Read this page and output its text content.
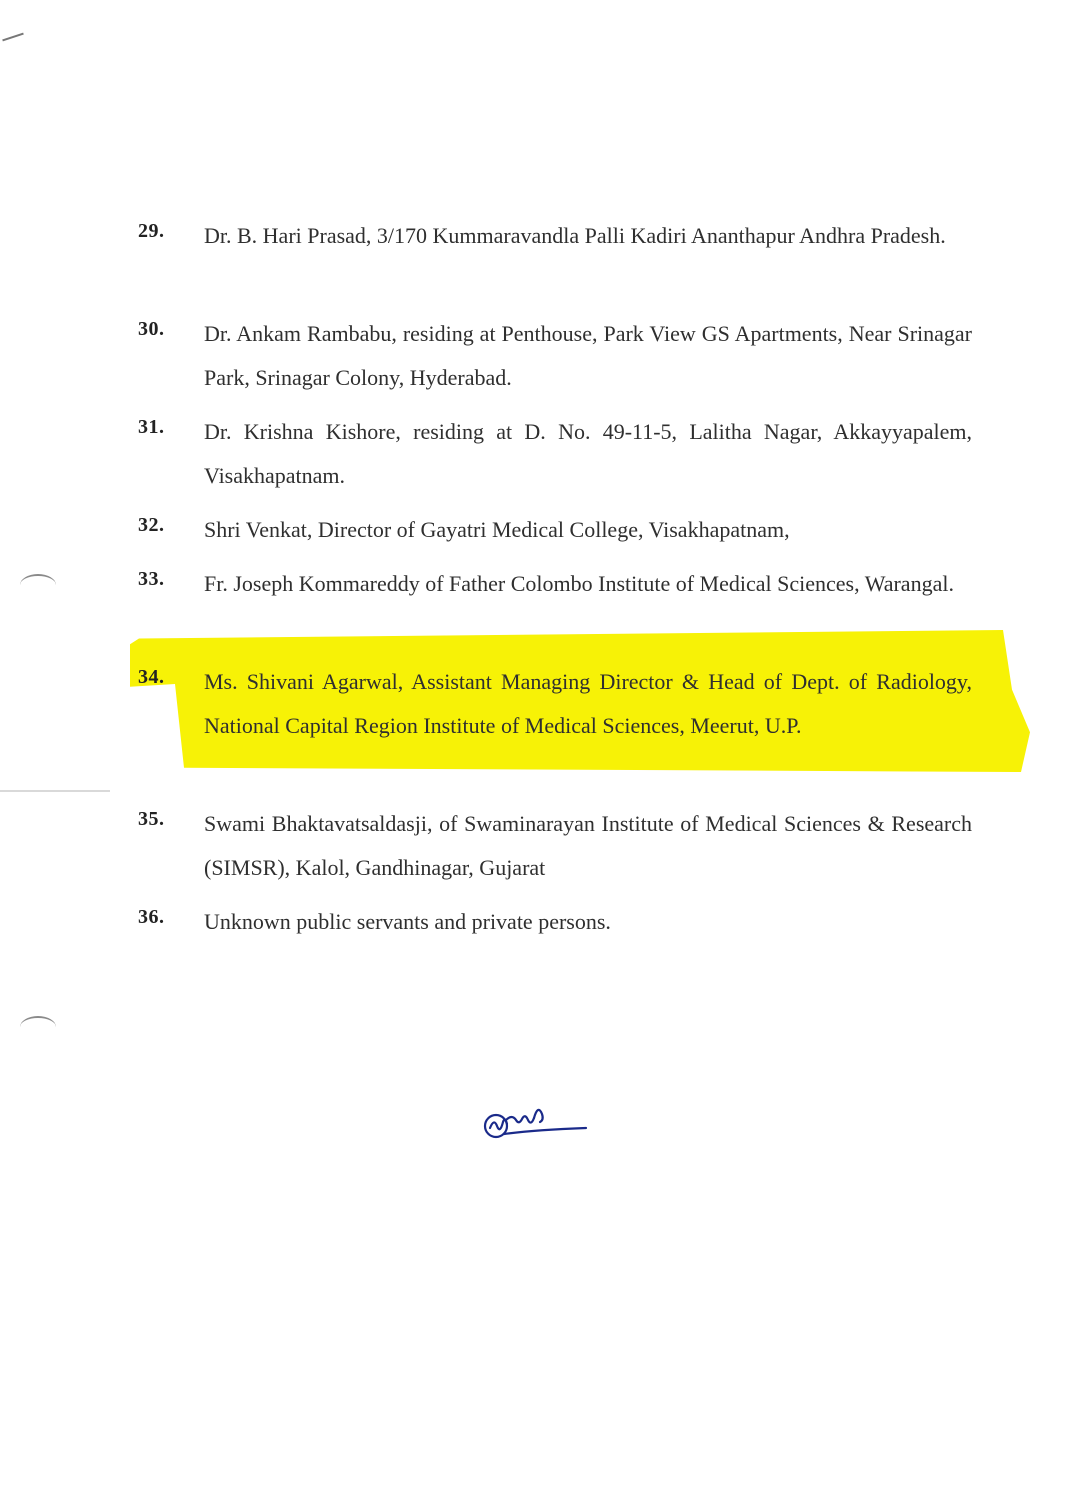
29. Dr. B. Hari Prasad, 3/170 Kummaravandla Palli Kadiri Ananthapur Andhra Pradesh.
30. Dr. Ankam Rambabu, residing at Penthouse, Park View GS Apartments, Near Srinagar Park, Srinagar Colony, Hyderabad.
31. Dr. Krishna Kishore, residing at D. No. 49-11-5, Lalitha Nagar, Akkayyapalem, Visakhapatnam.
32. Shri Venkat, Director of Gayatri Medical College, Visakhapatnam,
33. Fr. Joseph Kommareddy of Father Colombo Institute of Medical Sciences, Warangal.
34. Ms. Shivani Agarwal, Assistant Managing Director & Head of Dept. of Radiology, National Capital Region Institute of Medical Sciences, Meerut, U.P.
35. Swami Bhaktavatsaldasji, of Swaminarayan Institute of Medical Sciences & Research (SIMSR), Kalol, Gandhinagar, Gujarat
36. Unknown public servants and private persons.
